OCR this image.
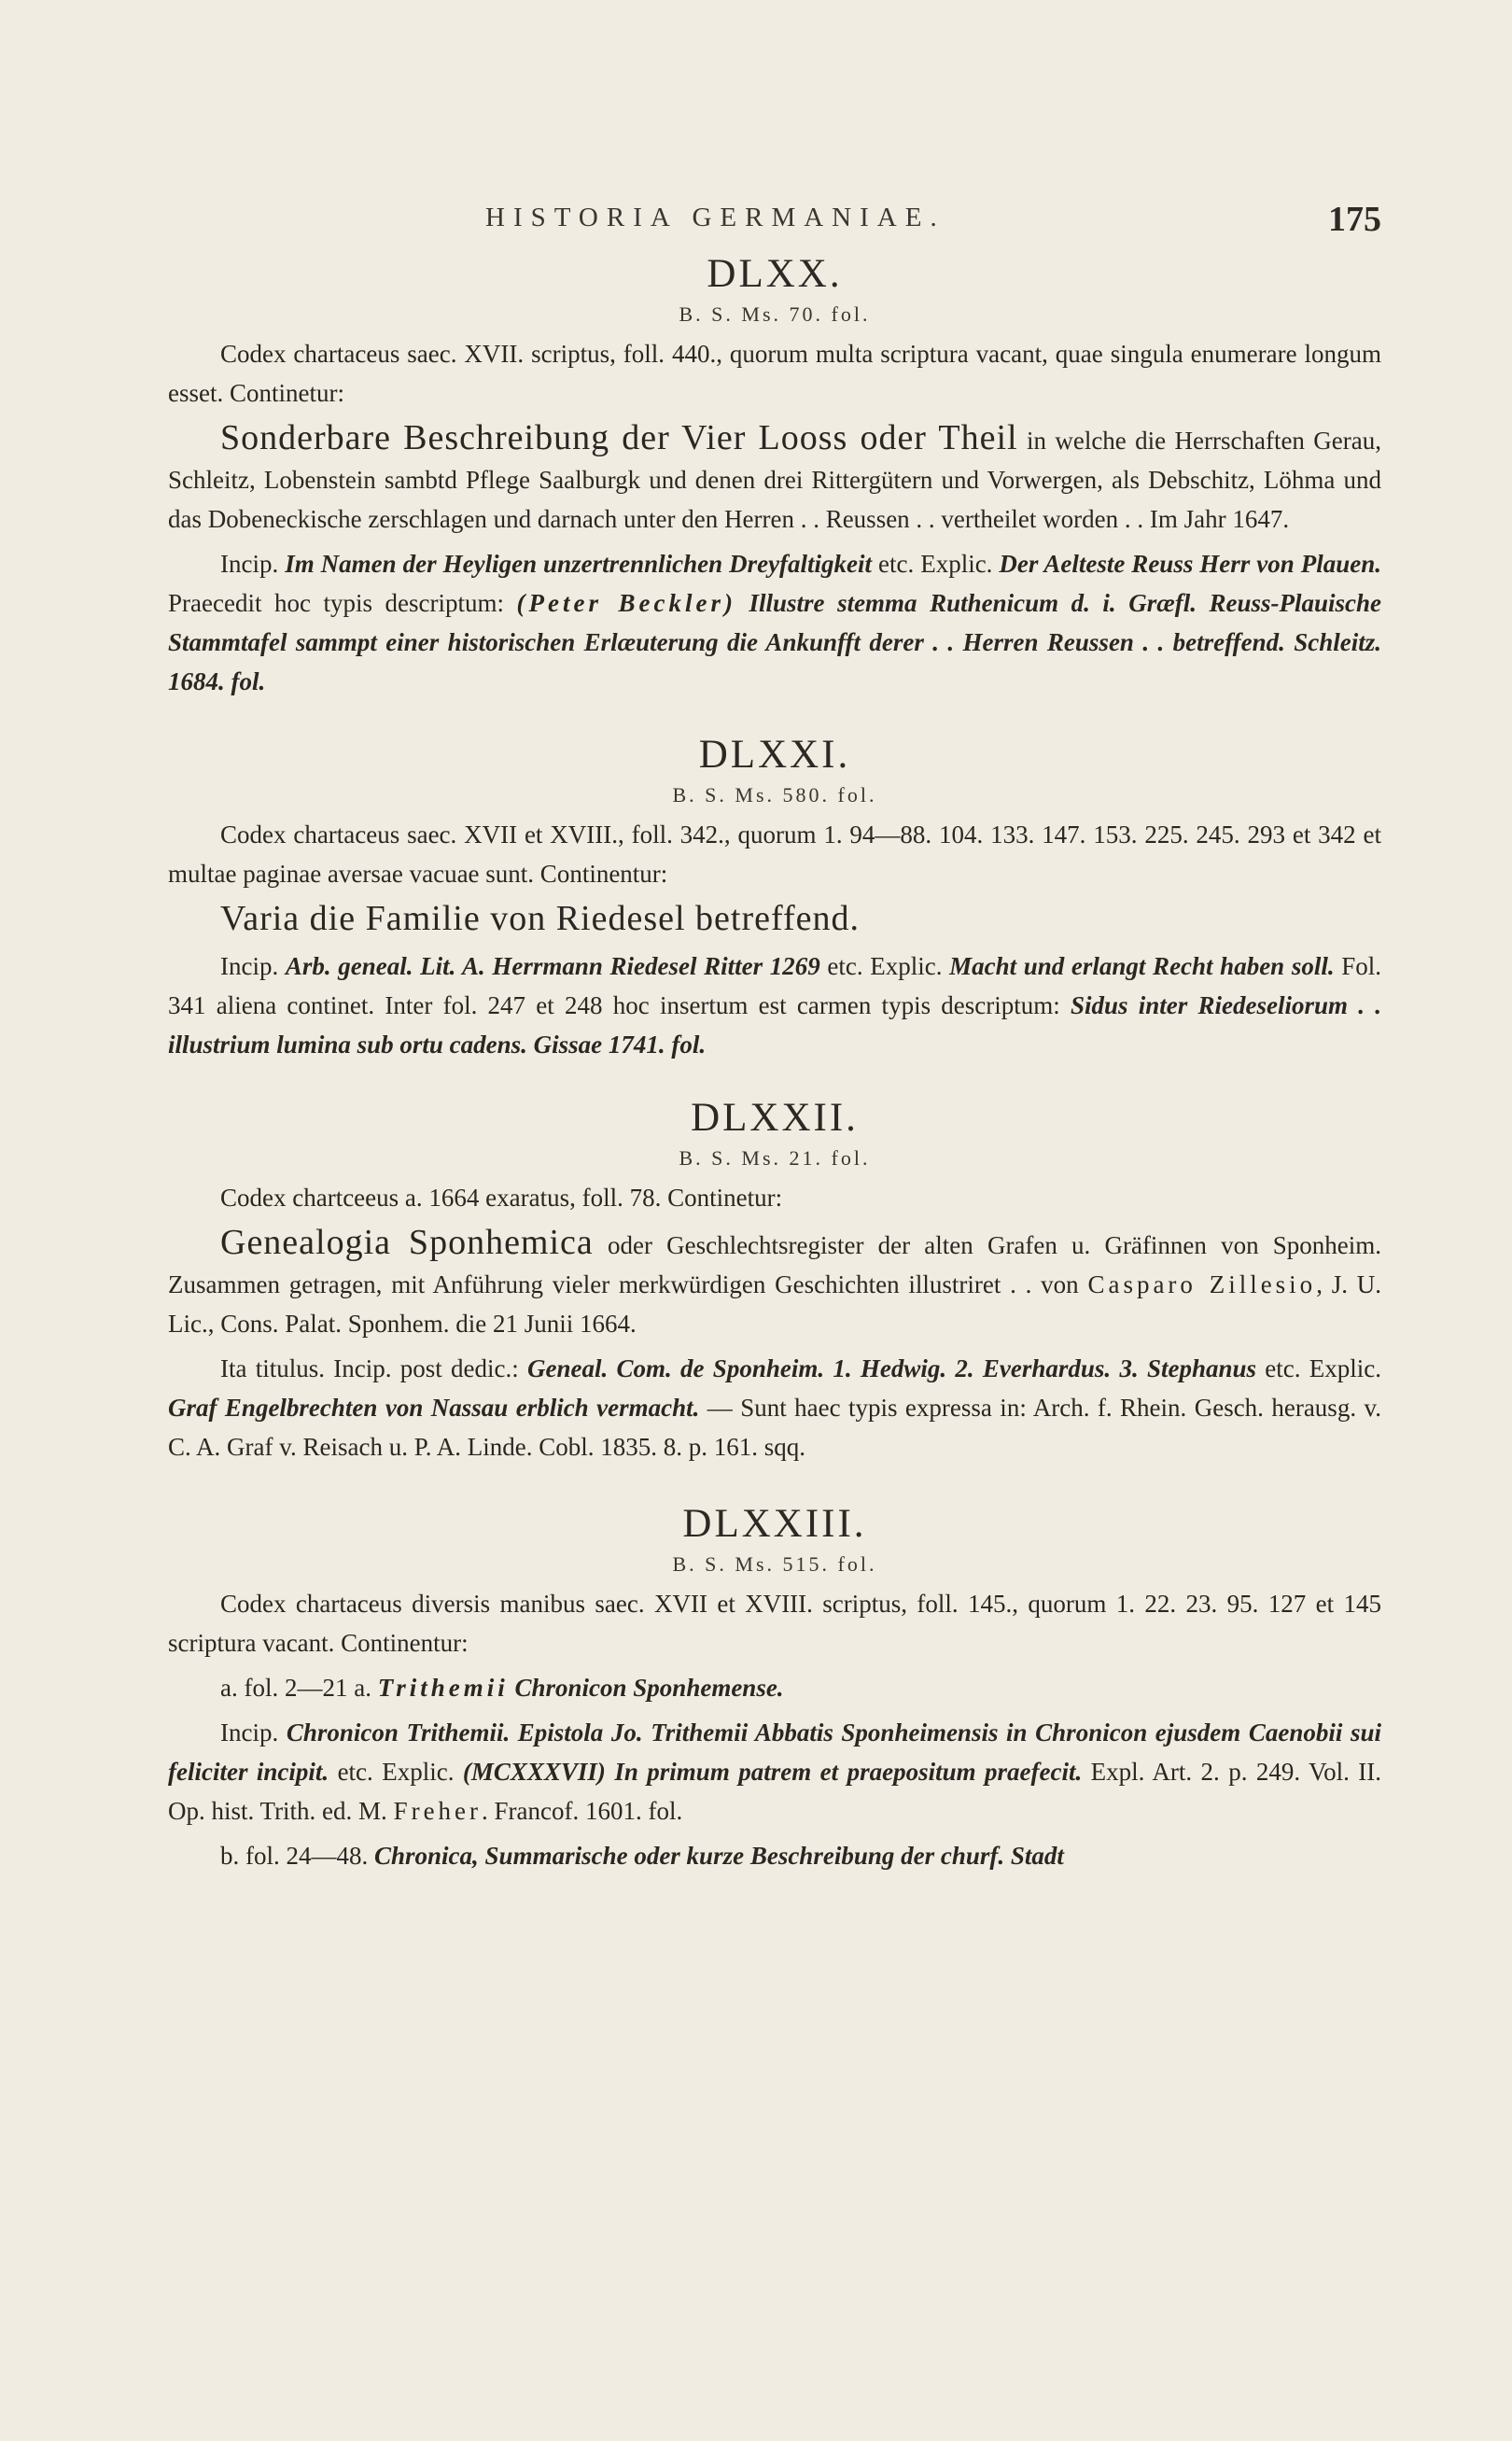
HISTORIA GERMANIAE.	175
DLXX.
B. S. Ms. 70. fol.

Codex chartaceus saec. XVII. scriptus, foll. 440., quorum multa scriptura vacant, quae singula enumerare longum esset. Continetur:

Sonderbare Beschreibung der Vier Looss oder Theil in welche die Herrschaften Gerau, Schleitz, Lobenstein sambtd Pflege Saalburgk und denen drei Rittergütern und Vorwergen, als Debschitz, Löhma und das Dobeneckische zerschlagen und darnach unter den Herren . . Reussen . . vertheilet worden . . Im Jahr 1647.

Incip. Im Namen der Heyligen unzertrennlichen Dreyfaltigkeit etc. Explic. Der Aelteste Reuss Herr von Plauen. Praecedit hoc typis descriptum: (Peter Beckler) Illustre stemma Ruthenicum d. i. Græfl. Reuss-Plauische Stammtafel sammpt einer historischen Erlæuterung die Ankunfft derer . . Herren Reussen . . betreffend. Schleitz. 1684. fol.

DLXXI.
B. S. Ms. 580. fol.

Codex chartaceus saec. XVII et XVIII., foll. 342., quorum 1. 94—88. 104. 133. 147. 153. 225. 245. 293 et 342 et multae paginae aversae vacuae sunt. Continentur:

Varia die Familie von Riedesel betreffend.

Incip. Arb. geneal. Lit. A. Herrmann Riedesel Ritter 1269 etc. Explic. Macht und erlangt Recht haben soll. Fol. 341 aliena continet. Inter fol. 247 et 248 hoc insertum est carmen typis descriptum: Sidus inter Riedeseliorum . . illustrium lumina sub ortu cadens. Gissae 1741. fol.

DLXXII.
B. S. Ms. 21. fol.

Codex chartceeus a. 1664 exaratus, foll. 78. Continetur:

Genealogia Sponhemica oder Geschlechtsregister der alten Grafen u. Gräfinnen von Sponheim. Zusammen getragen, mit Anführung vieler merkwürdigen Geschichten illustriret . . von Casparo Zillesio, J. U. Lic., Cons. Palat. Sponhem. die 21 Junii 1664.

Ita titulus. Incip. post dedic.: Geneal. Com. de Sponheim. 1. Hedwig. 2. Everhardus. 3. Stephanus etc. Explic. Graf Engelbrechten von Nassau erblich vermacht. — Sunt haec typis expressa in: Arch. f. Rhein. Gesch. herausg. v. C. A. Graf v. Reisach u. P. A. Linde. Cobl. 1835. 8. p. 161. sqq.

DLXXIII.
B. S. Ms. 515. fol.

Codex chartaceus diversis manibus saec. XVII et XVIII. scriptus, foll. 145., quorum 1. 22. 23. 95. 127 et 145 scriptura vacant. Continentur:

a. fol. 2—21 a. Trithemii Chronicon Sponhemense.

Incip. Chronicon Trithemii. Epistola Jo. Trithemii Abbatis Sponheimensis in Chronicon ejusdem Caenobii sui feliciter incipit. etc. Explic. (MCXXXVII) In primum patrem et praepositum praefecit. Expl. Art. 2. p. 249. Vol. II. Op. hist. Trith. ed. M. Freher. Francof. 1601. fol.

b. fol. 24—48. Chronica, Summarische oder kurze Beschreibung der churf. Stadt
